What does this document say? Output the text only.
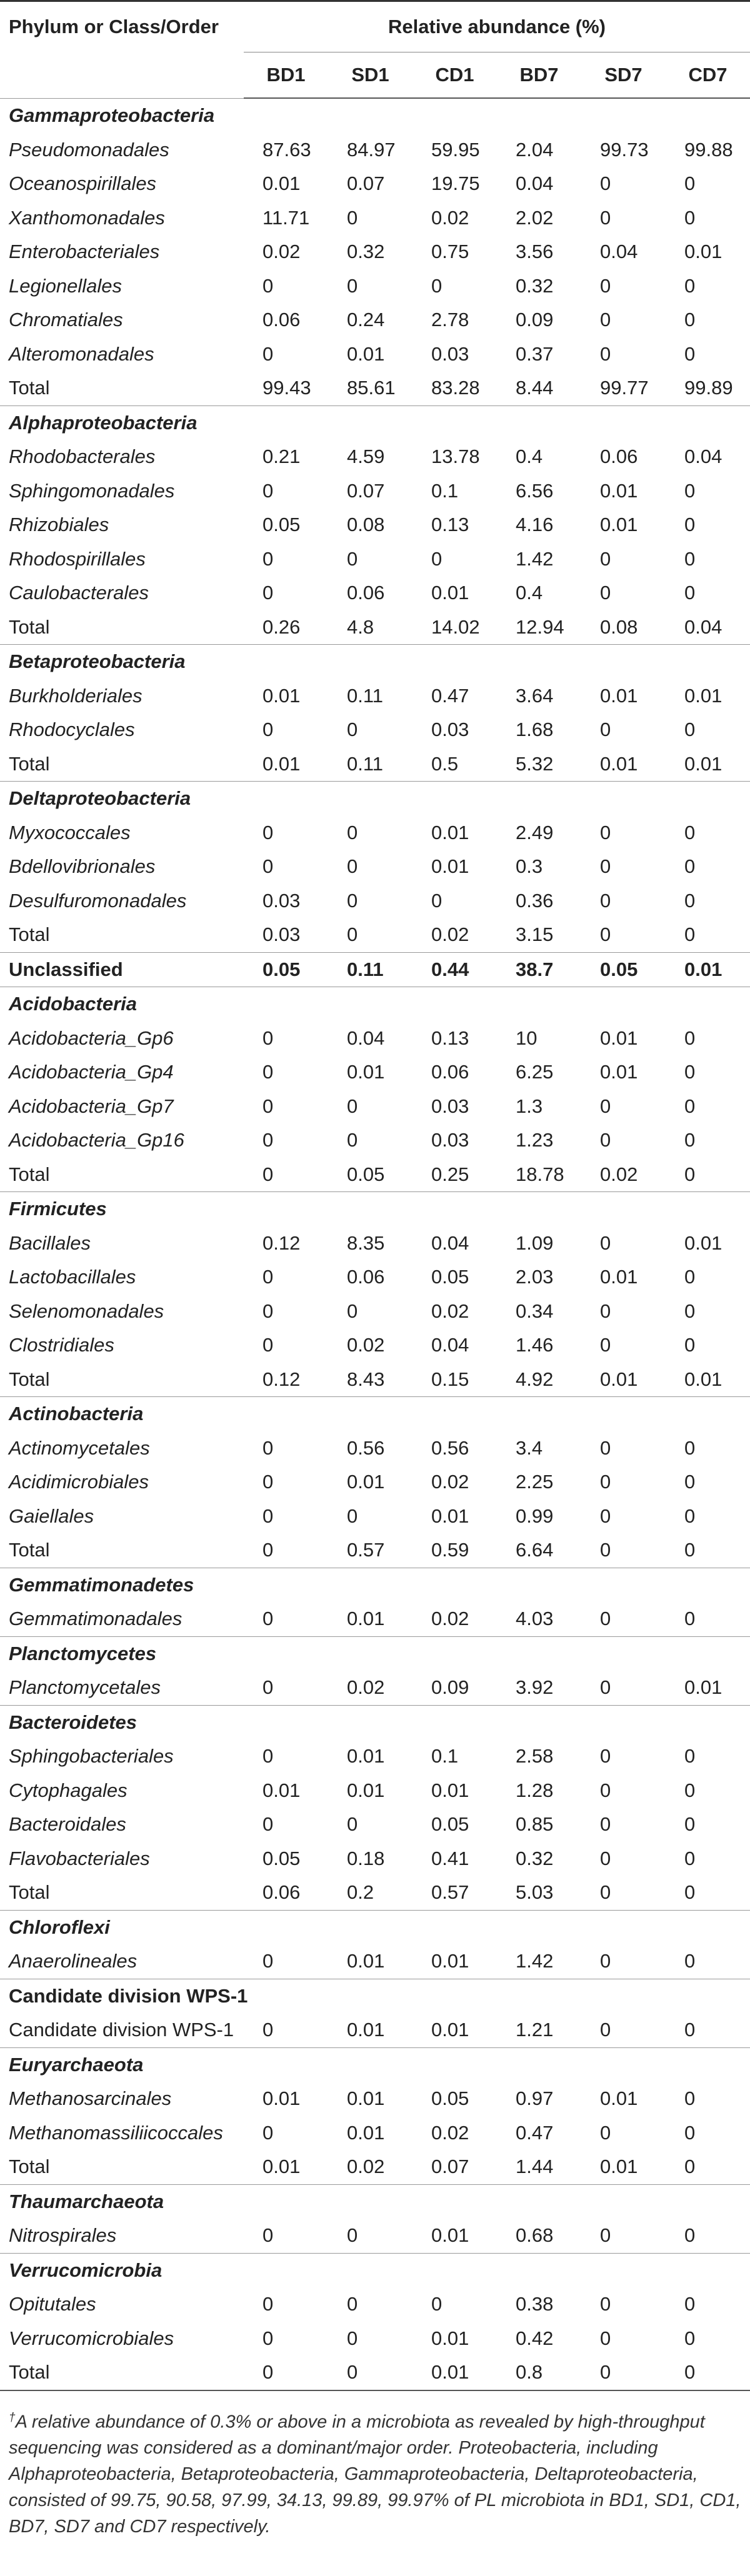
Phylum or Class/Order	Relative abundance (%)					
	BD1	SD1	CD1	BD7	SD7	CD7
Gammaproteobacteria						
Pseudomonadales	87.63	84.97	59.95	2.04	99.73	99.88
Oceanospirillales	0.01	0.07	19.75	0.04	0	0
Xanthomonadales	11.71	0	0.02	2.02	0	0
Enterobacteriales	0.02	0.32	0.75	3.56	0.04	0.01
Legionellales	0	0	0	0.32	0	0
Chromatiales	0.06	0.24	2.78	0.09	0	0
Alteromonadales	0	0.01	0.03	0.37	0	0
Total	99.43	85.61	83.28	8.44	99.77	99.89
Alphaproteobacteria						
Rhodobacterales	0.21	4.59	13.78	0.4	0.06	0.04
Sphingomonadales	0	0.07	0.1	6.56	0.01	0
Rhizobiales	0.05	0.08	0.13	4.16	0.01	0
Rhodospirillales	0	0	0	1.42	0	0
Caulobacterales	0	0.06	0.01	0.4	0	0
Total	0.26	4.8	14.02	12.94	0.08	0.04
Betaproteobacteria						
Burkholderiales	0.01	0.11	0.47	3.64	0.01	0.01
Rhodocyclales	0	0	0.03	1.68	0	0
Total	0.01	0.11	0.5	5.32	0.01	0.01
Deltaproteobacteria						
Myxococcales	0	0	0.01	2.49	0	0
Bdellovibrionales	0	0	0.01	0.3	0	0
Desulfuromonadales	0.03	0	0	0.36	0	0
Total	0.03	0	0.02	3.15	0	0
Unclassified	0.05	0.11	0.44	38.7	0.05	0.01
Acidobacteria						
Acidobacteria_Gp6	0	0.04	0.13	10	0.01	0
Acidobacteria_Gp4	0	0.01	0.06	6.25	0.01	0
Acidobacteria_Gp7	0	0	0.03	1.3	0	0
Acidobacteria_Gp16	0	0	0.03	1.23	0	0
Total	0	0.05	0.25	18.78	0.02	0
Firmicutes						
Bacillales	0.12	8.35	0.04	1.09	0	0.01
Lactobacillales	0	0.06	0.05	2.03	0.01	0
Selenomonadales	0	0	0.02	0.34	0	0
Clostridiales	0	0.02	0.04	1.46	0	0
Total	0.12	8.43	0.15	4.92	0.01	0.01
Actinobacteria						
Actinomycetales	0	0.56	0.56	3.4	0	0
Acidimicrobiales	0	0.01	0.02	2.25	0	0
Gaiellales	0	0	0.01	0.99	0	0
Total	0	0.57	0.59	6.64	0	0
Gemmatimonadetes						
Gemmatimonadales	0	0.01	0.02	4.03	0	0
Planctomycetes						
Planctomycetales	0	0.02	0.09	3.92	0	0.01
Bacteroidetes						
Sphingobacteriales	0	0.01	0.1	2.58	0	0
Cytophagales	0.01	0.01	0.01	1.28	0	0
Bacteroidales	0	0	0.05	0.85	0	0
Flavobacteriales	0.05	0.18	0.41	0.32	0	0
Total	0.06	0.2	0.57	5.03	0	0
Chloroflexi						
Anaerolineales	0	0.01	0.01	1.42	0	0
Candidate division WPS-1						
Candidate division WPS-1	0	0.01	0.01	1.21	0	0
Euryarchaeota						
Methanosarcinales	0.01	0.01	0.05	0.97	0.01	0
Methanomassiliicoccales	0	0.01	0.02	0.47	0	0
Total	0.01	0.02	0.07	1.44	0.01	0
Thaumarchaeota						
Nitrospirales	0	0	0.01	0.68	0	0
Verrucomicrobia						
Opitutales	0	0	0	0.38	0	0
Verrucomicrobiales	0	0	0.01	0.42	0	0
Total	0	0	0.01	0.8	0	0
†A relative abundance of 0.3% or above in a microbiota as revealed by high-throughput sequencing was considered as a dominant/major order. Proteobacteria, including Alphaproteobacteria, Betaproteobacteria, Gammaproteobacteria, Deltaproteobacteria, consisted of 99.75, 90.58, 97.99, 34.13, 99.89, 99.97% of PL microbiota in BD1, SD1, CD1, BD7, SD7 and CD7 respectively.
